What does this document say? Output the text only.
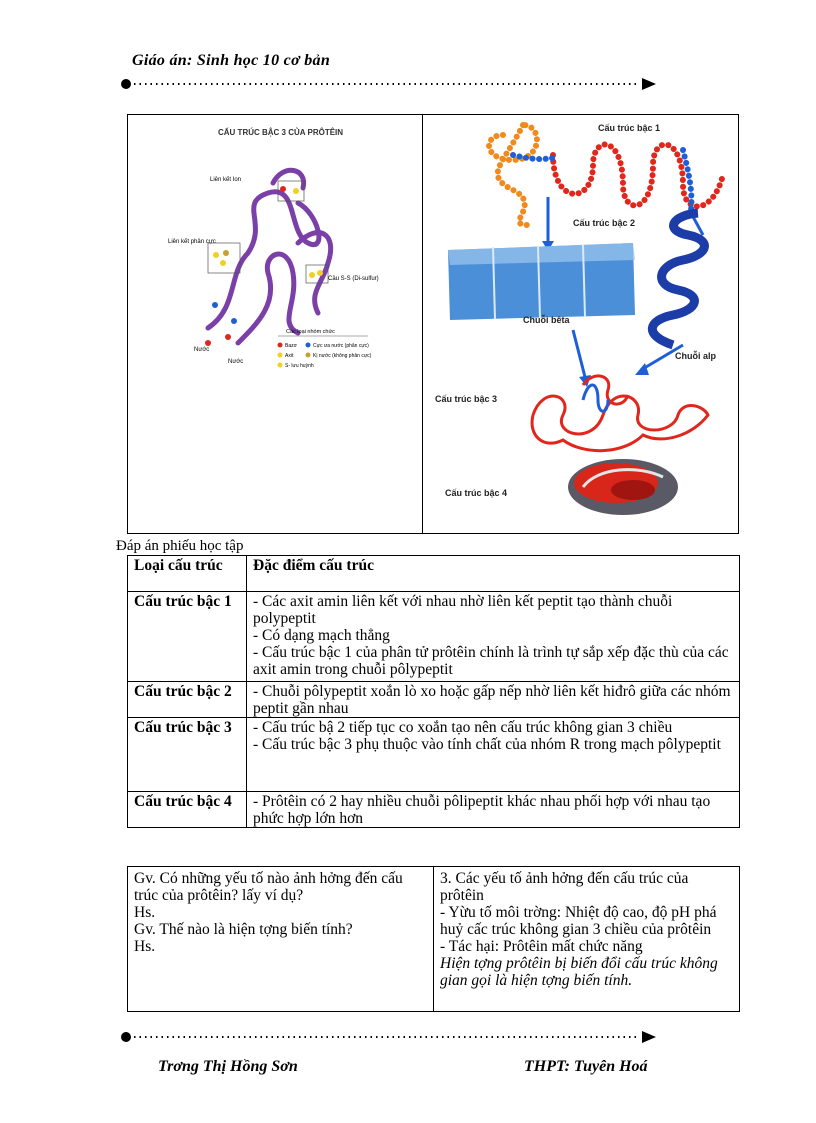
Giáo án: Sinh học 10 cơ bản
CẤU TRÚC BẬC 3 CỦA PRÔTÊIN
Liên kết Ion
Liên kết phân cực
Cầu S-S (Di-sulfur)
Nước
Nước
Các loại nhóm chức
Bazơ	Cực ưa nước (phân cực)
Axit	Kị nước (không phân cực)
S- lưu huỳnh
Cấu trúc bậc 1
Cấu trúc bậc 2
Chuỗi bêta
Chuỗi alp
Cấu trúc bậc 3
Cấu trúc bậc 4
Đáp án phiếu học tập
Loại cấu trúc	Đặc điểm cấu trúc
Cấu trúc bậc 1	- Các axit amin liên kết với nhau nhờ liên kết peptit tạo thành chuỗi polypeptit
- Có dạng mạch thẳng
- Cấu trúc bậc 1 của phân tử prôtêin chính là trình tự sắp xếp đặc thù của các axit amin trong chuỗi pôlypeptit

Cấu trúc bậc 2	- Chuỗi pôlypeptit xoắn lò xo hoặc gấp nếp nhờ liên kết hiđrô giữa các nhóm peptit gần nhau

Cấu trúc bậc 3	- Cấu trúc bậ 2 tiếp tục co xoắn tạo nên cấu trúc không gian 3 chiều
- Cấu trúc bậc 3 phụ thuộc vào tính chất của nhóm R trong mạch pôlypeptit

Cấu trúc bậc 4	- Prôtêin có 2 hay nhiều chuỗi pôlipeptit khác nhau phối hợp với nhau tạo phức hợp lớn hơn
Gv. Có những yếu tố nào ảnh hởng đến cấu trúc của prôtêin? lấy ví dụ?
Hs.
Gv. Thế nào là hiện tợng biến tính?
Hs.

3. Các yếu tố ảnh hởng đến cấu trúc của prôtêin
- Yừu tố môi trờng: Nhiệt độ cao, độ pH phá huỷ cấc trúc không gian 3 chiều của prôtêin
- Tác hại: Prôtêin mất chức năng
Hiện tợng prôtêin bị biến đổi cấu trúc không gian gọi là hiện tợng biến tính.
Trơng Thị Hồng Sơn	THPT: Tuyên Hoá
